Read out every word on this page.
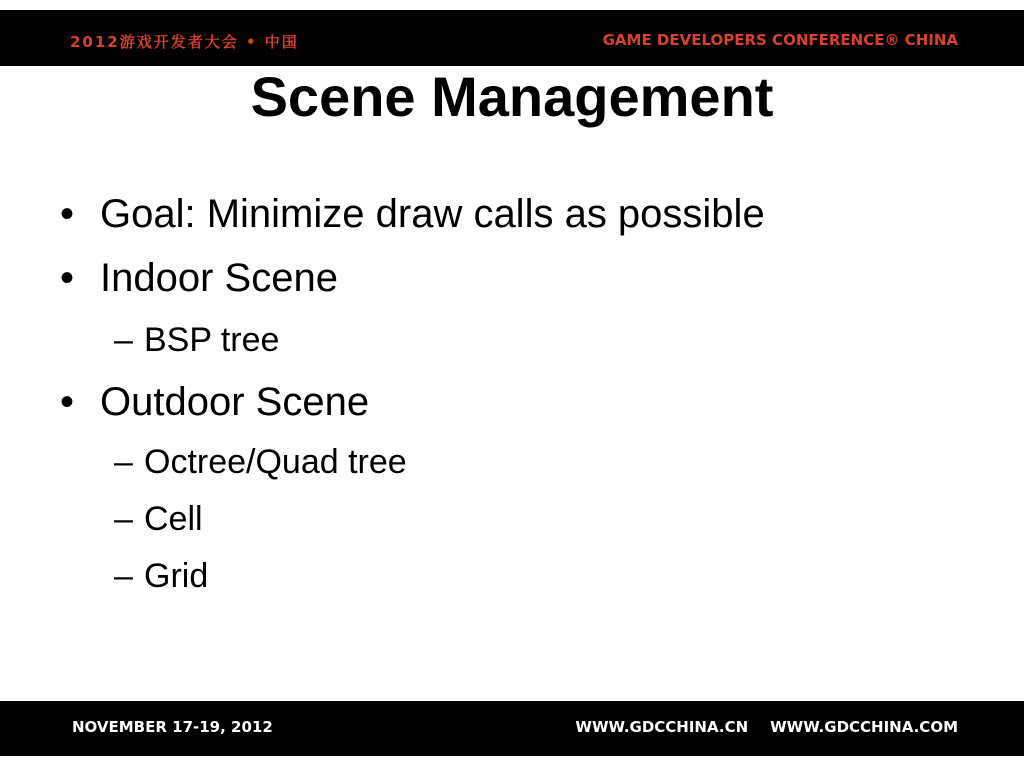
2012游戏开发者大会 • 中国	GAME DEVELOPERS CONFERENCE® CHINA
Scene Management
• Goal: Minimize draw calls as possible
• Indoor Scene
– BSP tree
• Outdoor Scene
– Octree/Quad tree
– Cell
– Grid
NOVEMBER 17-19, 2012	WWW.GDCCHINA.CN WWW.GDCCHINA.COM
